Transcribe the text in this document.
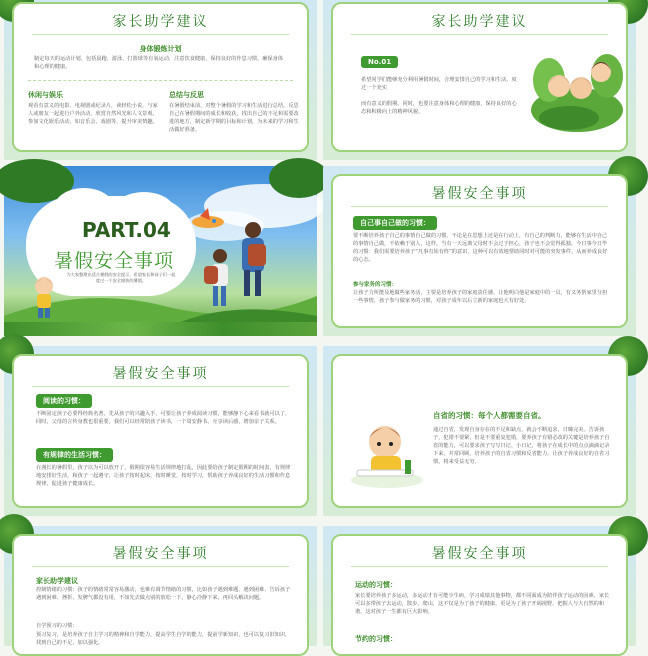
家长助学建议
身体锻炼计划
制定每天的运动计划，包括晨跑、游泳、打篮球等有氧运动，注意饮食健康，保持良好的作息习惯，确保身体和心理的健康。
休闲与娱乐
观看有意义的电影、电视剧或纪录片，读轻松小说，与家人或朋友一起进行户外活动，欣赏自然风光和人文景观，参加文化娱乐活动，如音乐会、戏剧等，提升审美情趣。
总结与反思
在暑假结束前，对整个暑假的学习和生活进行总结，反思自己在暑假期间的成长和收获，找出自己的不足和需要改进的地方，制定新学期的目标和计划，为未来的学习和生活做好准备。
家长助学建议
No.01
希望同学们能够充分利用暑假时间，合理安排自己的学习和生活，度过一个充实
而有意义的假期。同时，也要注意身体和心理的健康，保持良好的心态和积极向上的精神风貌。
PART.04
暑假安全事项
为大家整理出适合暑假的安全提示，希望家长和孩子们一起度过一个安全愉快的暑假。
暑假安全事项
自己事自己做的习惯：
要不断培养孩子自己的事情自己做的习惯，不论是在思想上还是在行动上，有自己的判断力，能够在生活中自己的事情自己做，不依赖于别人，这样，当有一天远离父母时不会过于担心，孩子也不会觉得孤独。今日事今日毕的习惯：我们需要培养孩子“凡事有始有终”的意识，这种可以有效地帮助同时对可能的突发事件，从而养成良好的心态。
参与家务的习惯：
让孩子力所能及地做些家务活，主要是培养孩子的家庭责任感，让他明白他是家庭中的一员，有义务帮家里分担一些事情，孩子参与做家务的习惯，对孩子成年以后立新的家庭也大有好处。
暑假安全事项
阅读的习惯：
不断固定孩子必要得经典名著，先从孩子的兴趣入手，可要让孩子养成阅读习惯，能够静下心来看书就可以了，同时，父母的言传身教也很重要，我们可以经常陪孩子读书，一个周安静书、互享读后感，增加亲子关系。
有规律的生活习惯：
在漫长的暑假里，孩子以为可以放开了，假期很容易生活规律地打乱，因此要给孩子制定假期的时间表，有规律地安排好生活，和孩子一起遵守，让孩子按时起床，按时睡觉，按时学习，帮助孩子养成良好的生活习惯和作息规律，促进孩子健康成长。
自省的习惯：每个人都需要自省。
通过自省，发现自身存在的不足和缺点，就会不断追求，日臻完美。告诉孩子，犯错不要紧，但是不要重复犯错，要养孩子有错必改的关键是培养孩子自省的能力，可以要求孩子写写日记、小日记，将孩子在成长中的点点滴滴记录下来，并常回顾，培养孩子的自省习惯和反省能力，让孩子养成良好的自省习惯，将来受益无穷。
暑假安全事项
家长助学建议
控制情绪的习惯：孩子的情绪常常容易激动，也难有调节情绪的习惯，比如孩子遇到难题、遇到困难、告诉孩子遇到困难、挫折、发脾气都没有用，不如先去做点别的放松一下，静心冷静下来，再回头解决问题。
自学预习的习惯：
预习复习，是培养孩子自主学习的精神和自学能力，提高学生自学的能力，提前学新知识，也可以复习旧知识，找到自己的不足，加以强化。
暑假安全事项
运动的习惯：
家长要培养孩子多运动，多运动才有可能少生病，学习成绩其他事物，都不同面成为陪伴孩子运动的因素，家长可以多带孩子去运动，散步、爬山，这不仅是为了孩子的健康，更是为了孩子开阔视野，把握人与大自然的和谐。这对孩子一生都有巨大影响。
节约的习惯：
